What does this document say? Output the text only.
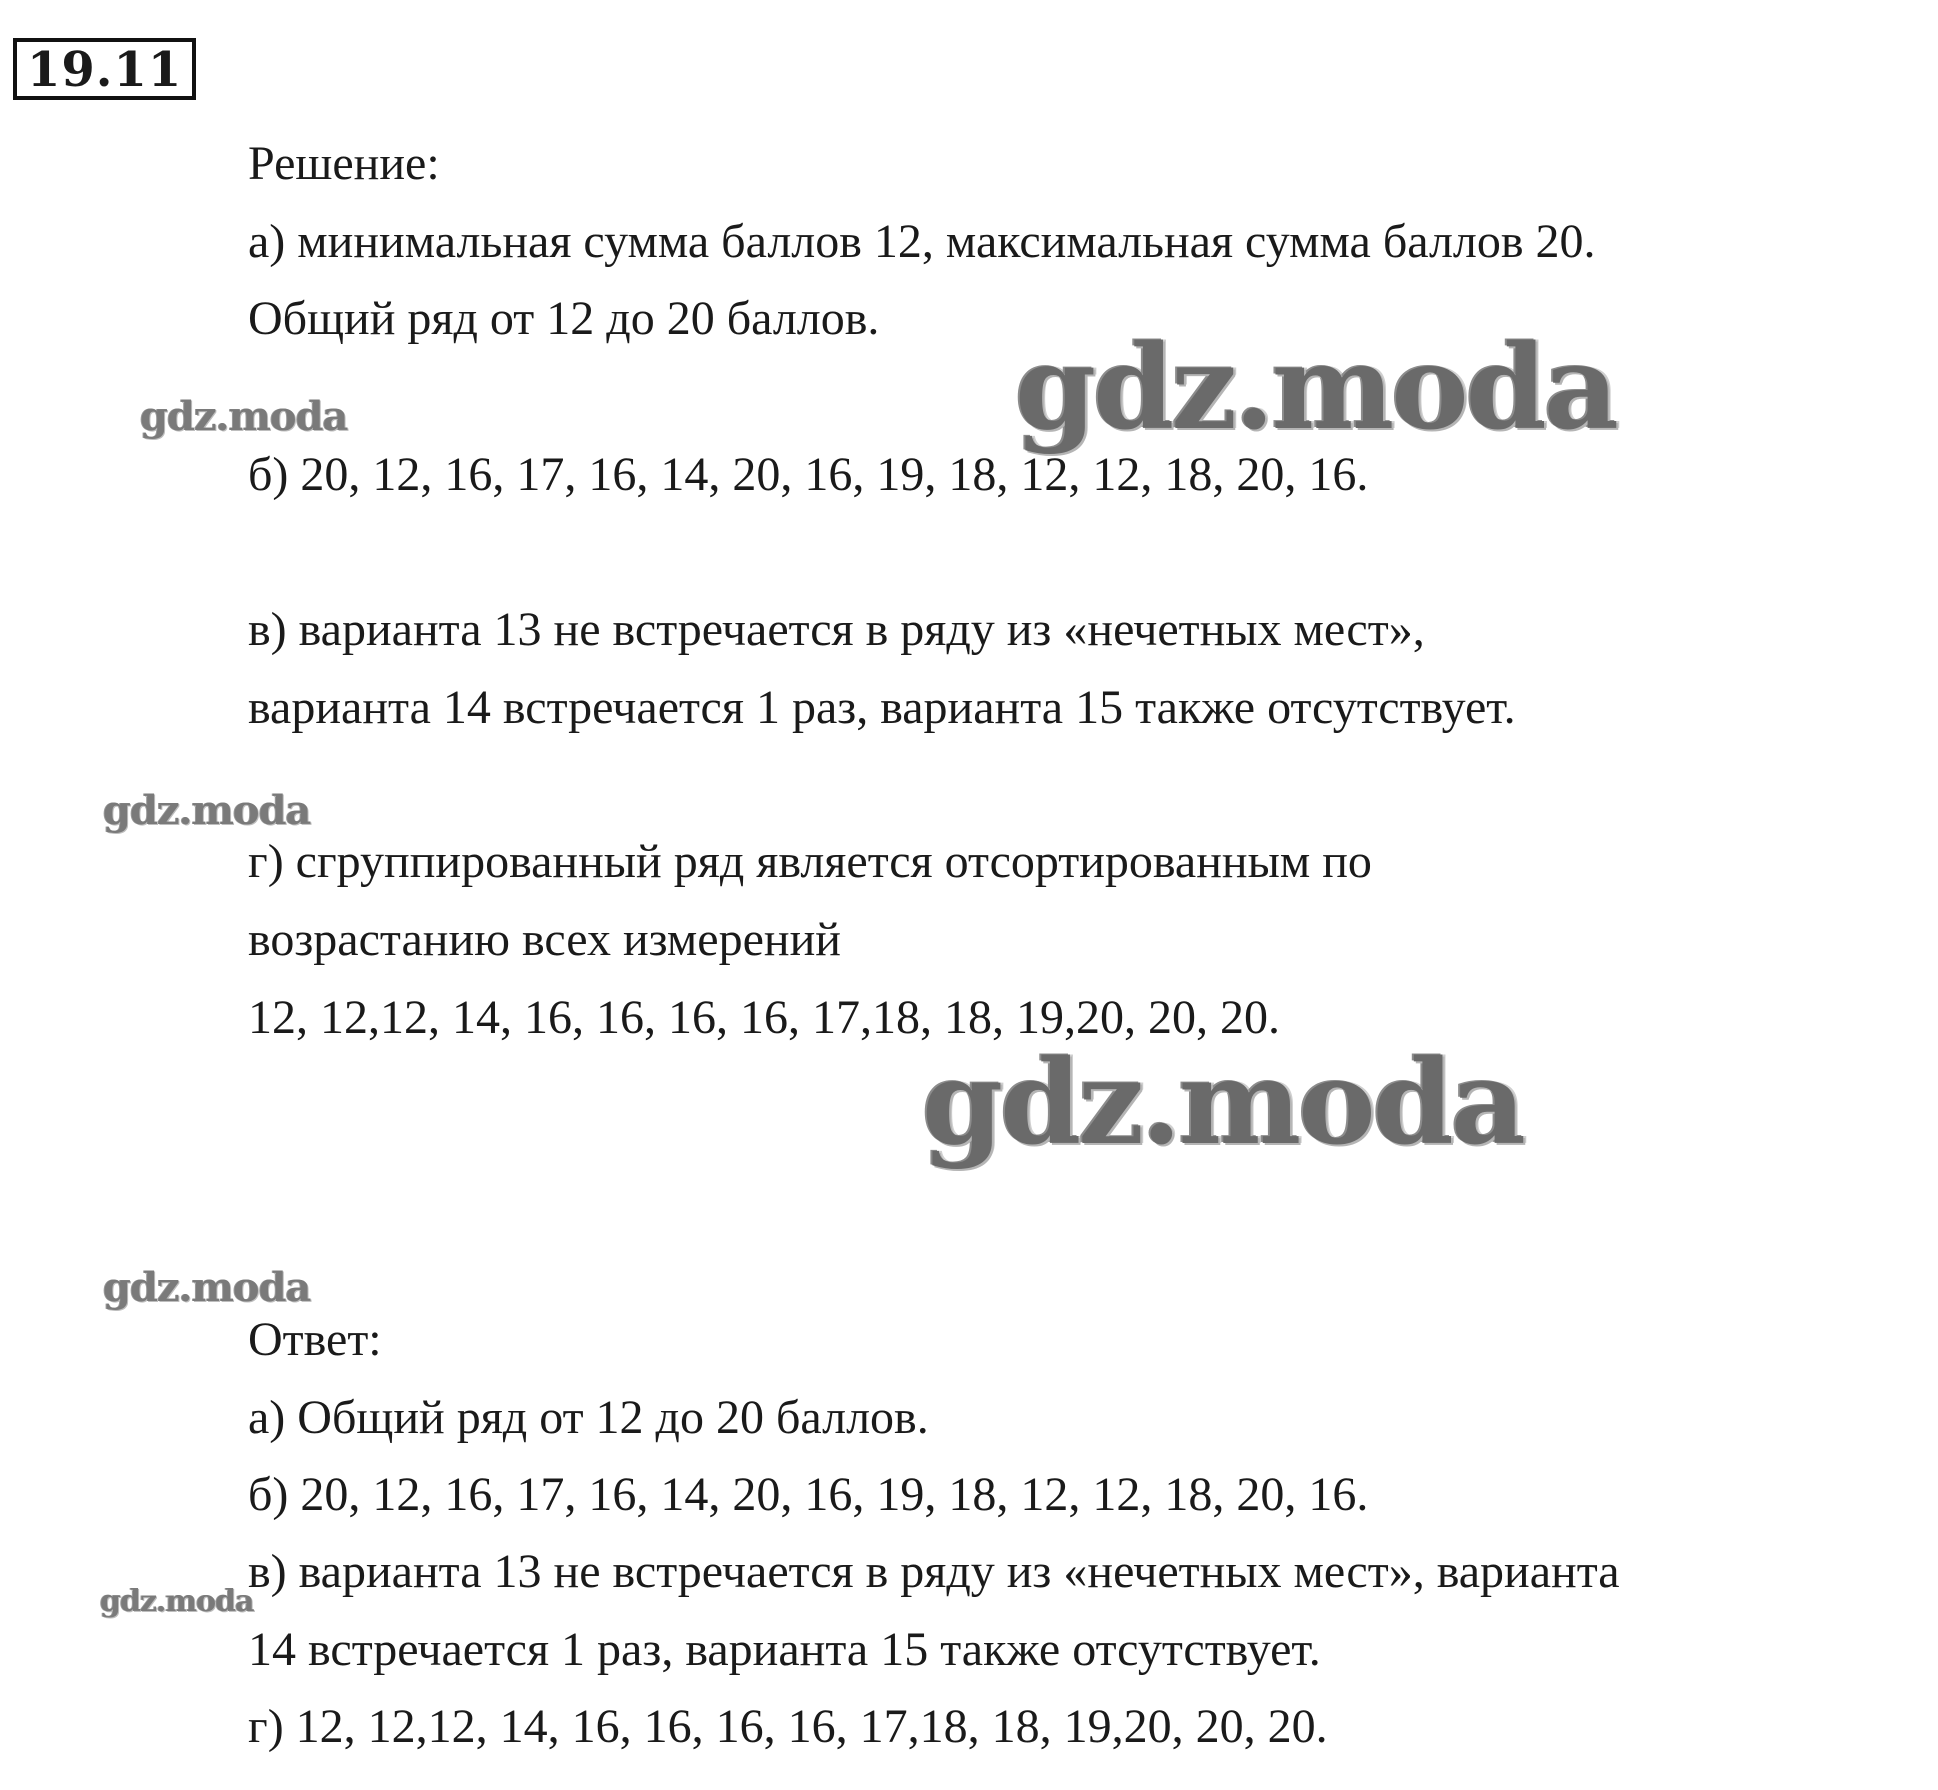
19.11
Решение:
а) минимальная сумма баллов 12, максимальная сумма баллов 20.
Общий ряд от 12 до 20 баллов.
б) 20, 12, 16, 17, 16, 14, 20, 16, 19, 18, 12, 12, 18, 20, 16.
в) варианта 13 не встречается в ряду из «нечетных мест»,
варианта 14 встречается 1 раз, варианта 15 также отсутствует.
г) сгруппированный ряд является отсортированным по
возрастанию всех измерений
12, 12,12, 14, 16, 16, 16, 16, 17,18, 18, 19,20, 20, 20.
Ответ:
а) Общий ряд от 12 до 20 баллов.
б) 20, 12, 16, 17, 16, 14, 20, 16, 19, 18, 12, 12, 18, 20, 16.
в) варианта 13 не встречается в ряду из «нечетных мест», варианта
14 встречается 1 раз, варианта 15 также отсутствует.
г) 12, 12,12, 14, 16, 16, 16, 16, 17,18, 18, 19,20, 20, 20.
gdz.moda
gdz.moda
gdz.moda
gdz.moda
gdz.moda
gdz.moda
